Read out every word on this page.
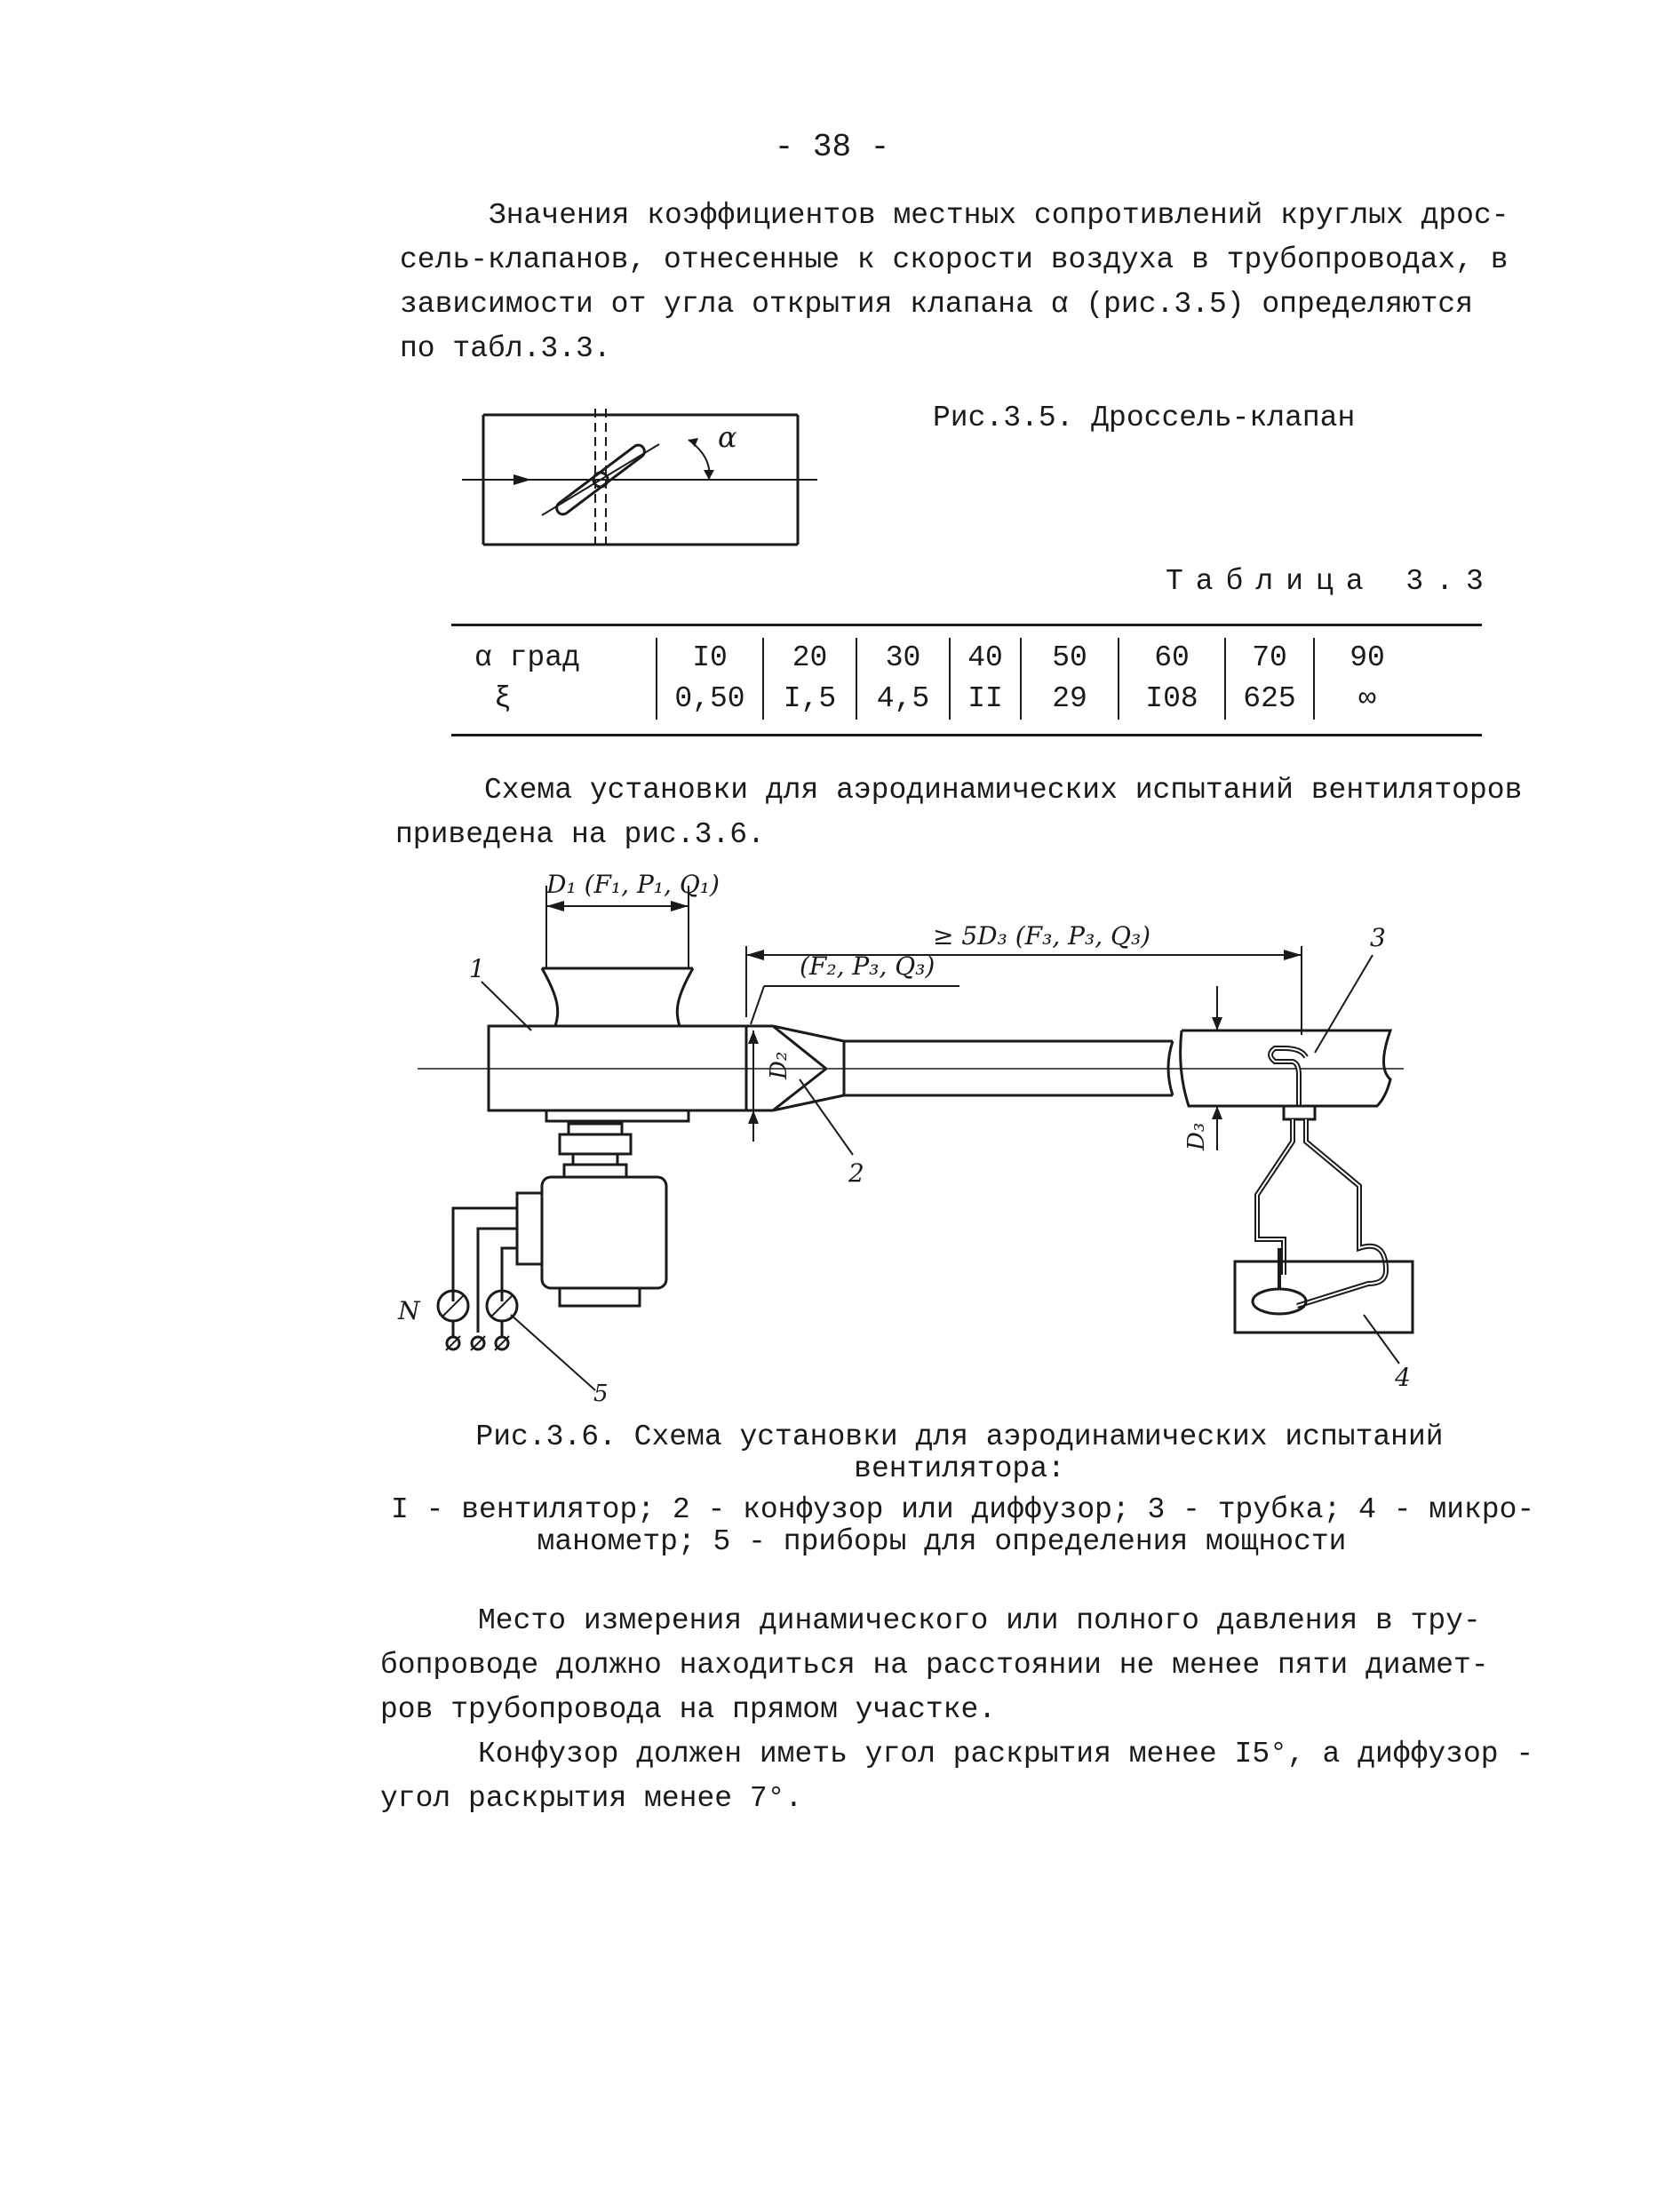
- 38 -
Значения коэффициентов местных сопротивлений круглых дрос-
сель-клапанов, отнесенные к скорости воздуха в трубопроводах, в
зависимости от угла открытия клапана α (рис.3.5) определяются
по табл.3.3.
α
Рис.3.5. Дроссель-клапан
Таблица 3.3
α град	I0	20	30	40	50	60	70	90
ξ	0,50	I,5	4,5	II	29	I08	625	∞
Схема установки для аэродинамических испытаний вентиляторов
приведена на рис.3.6.
D₁ (F₁, P₁, Q₁)
≥ 5D₃ (F₃, P₃, Q₃)
(F₂, P₃, Q₃)
D₂
D₃
N
1
2
3
4
5
Рис.3.6. Схема установки для аэродинамических испытаний
вентилятора:
I - вентилятор; 2 - конфузор или диффузор; 3 - трубка; 4 - микро-
манометр; 5 - приборы для определения мощности
Место измерения динамического или полного давления в тру-
бопроводе должно находиться на расстоянии не менее пяти диамет-
ров трубопровода на прямом участке.
Конфузор должен иметь угол раскрытия менее I5°, а диффузор -
угол раскрытия менее 7°.
